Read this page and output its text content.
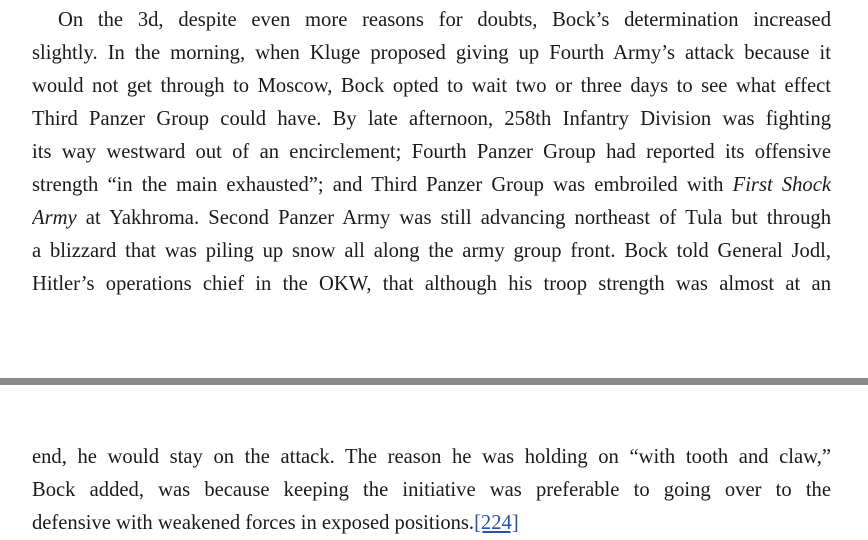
On the 3d, despite even more reasons for doubts, Bock’s determination increased
slightly. In the morning, when Kluge proposed giving up Fourth Army’s attack because it
would not get through to Moscow, Bock opted to wait two or three days to see what effect
Third Panzer Group could have. By late afternoon, 258th Infantry Division was fighting
its way westward out of an encirclement; Fourth Panzer Group had reported its offensive
strength “in the main exhausted”; and Third Panzer Group was embroiled with First Shock
Army at Yakhroma. Second Panzer Army was still advancing northeast of Tula but through
a blizzard that was piling up snow all along the army group front. Bock told General Jodl,
Hitler’s operations chief in the OKW, that although his troop strength was almost at an
end, he would stay on the attack. The reason he was holding on “with tooth and claw,”
Bock added, was because keeping the initiative was preferable to going over to the
defensive with weakened forces in exposed positions.[224]
